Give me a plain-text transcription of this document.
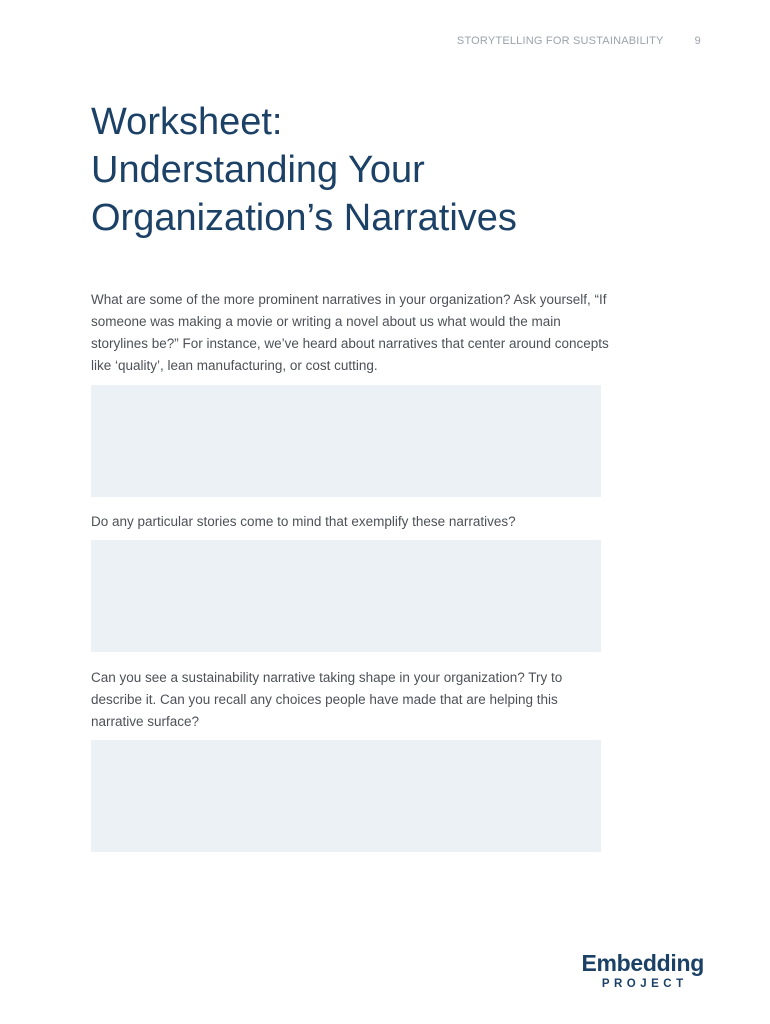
STORYTELLING FOR SUSTAINABILITY	9
Worksheet:
Understanding Your
Organization’s Narratives

What are some of the more prominent narratives in your organization? Ask yourself, “If someone was making a movie or writing a novel about us what would the main storylines be?” For instance, we’ve heard about narratives that center around concepts like ‘quality’, lean manufacturing, or cost cutting.

Do any particular stories come to mind that exemplify these narratives?

Can you see a sustainability narrative taking shape in your organization? Try to describe it. Can you recall any choices people have made that are helping this narrative surface?

Embedding
PROJECT
